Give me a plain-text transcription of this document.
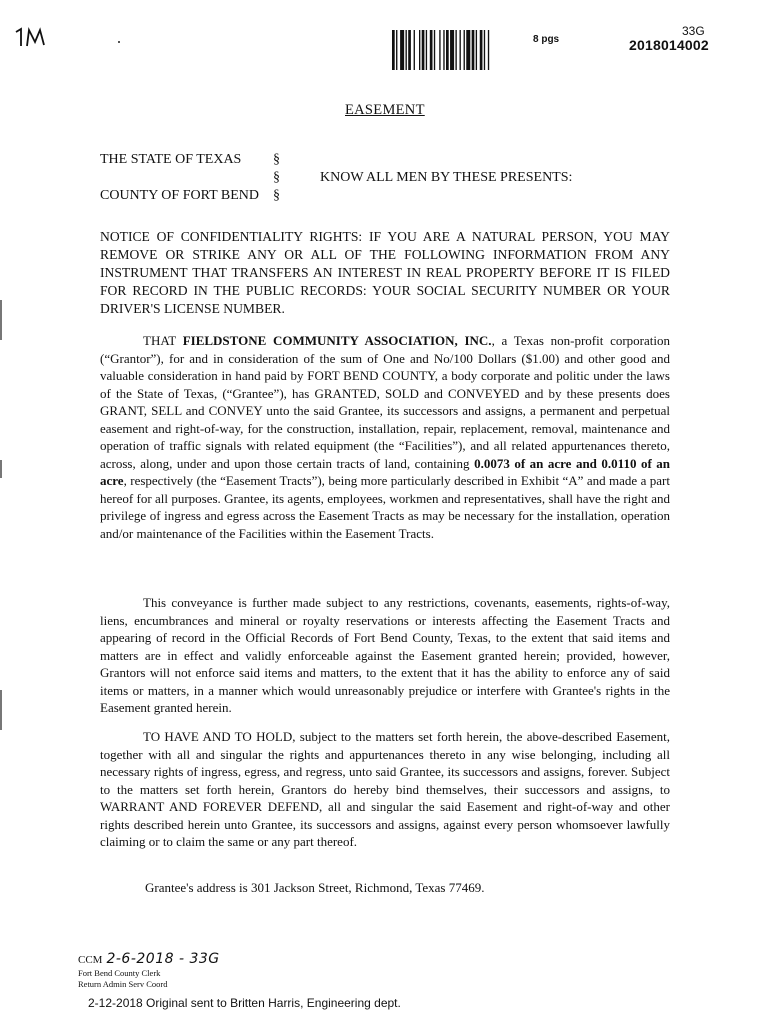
8 pgs
33G
2018014002
EASEMENT
THE STATE OF TEXAS §
§	KNOW ALL MEN BY THESE PRESENTS:
COUNTY OF FORT BEND §
NOTICE OF CONFIDENTIALITY RIGHTS: IF YOU ARE A NATURAL PERSON, YOU MAY REMOVE OR STRIKE ANY OR ALL OF THE FOLLOWING INFORMATION FROM ANY INSTRUMENT THAT TRANSFERS AN INTEREST IN REAL PROPERTY BEFORE IT IS FILED FOR RECORD IN THE PUBLIC RECORDS: YOUR SOCIAL SECURITY NUMBER OR YOUR DRIVER'S LICENSE NUMBER.
THAT FIELDSTONE COMMUNITY ASSOCIATION, INC., a Texas non-profit corporation (“Grantor”), for and in consideration of the sum of One and No/100 Dollars ($1.00) and other good and valuable consideration in hand paid by FORT BEND COUNTY, a body corporate and politic under the laws of the State of Texas, (“Grantee”), has GRANTED, SOLD and CONVEYED and by these presents does GRANT, SELL and CONVEY unto the said Grantee, its successors and assigns, a permanent and perpetual easement and right-of-way, for the construction, installation, repair, replacement, removal, maintenance and operation of traffic signals with related equipment (the “Facilities”), and all related appurtenances thereto, across, along, under and upon those certain tracts of land, containing 0.0073 of an acre and 0.0110 of an acre, respectively (the “Easement Tracts”), being more particularly described in Exhibit “A” and made a part hereof for all purposes. Grantee, its agents, employees, workmen and representatives, shall have the right and privilege of ingress and egress across the Easement Tracts as may be necessary for the installation, operation and/or maintenance of the Facilities within the Easement Tracts.
This conveyance is further made subject to any restrictions, covenants, easements, rights-of-way, liens, encumbrances and mineral or royalty reservations or interests affecting the Easement Tracts and appearing of record in the Official Records of Fort Bend County, Texas, to the extent that said items and matters are in effect and validly enforceable against the Easement granted herein; provided, however, Grantors will not enforce said items and matters, to the extent that it has the ability to enforce any of said items or matters, in a manner which would unreasonably prejudice or interfere with Grantee's rights in the Easement granted herein.
TO HAVE AND TO HOLD, subject to the matters set forth herein, the above-described Easement, together with all and singular the rights and appurtenances thereto in any wise belonging, including all necessary rights of ingress, egress, and regress, unto said Grantee, its successors and assigns, forever. Subject to the matters set forth herein, Grantors do hereby bind themselves, their successors and assigns, to WARRANT AND FOREVER DEFEND, all and singular the said Easement and right-of-way and other rights described herein unto Grantee, its successors and assigns, against every person whomsoever lawfully claiming or to claim the same or any part thereof.
Grantee's address is 301 Jackson Street, Richmond, Texas 77469.
CCM 2-6-2018 - 33G
Fort Bend County Clerk
Return Admin Serv Coord
2-12-2018 Original sent to Britten Harris, Engineering dept.
